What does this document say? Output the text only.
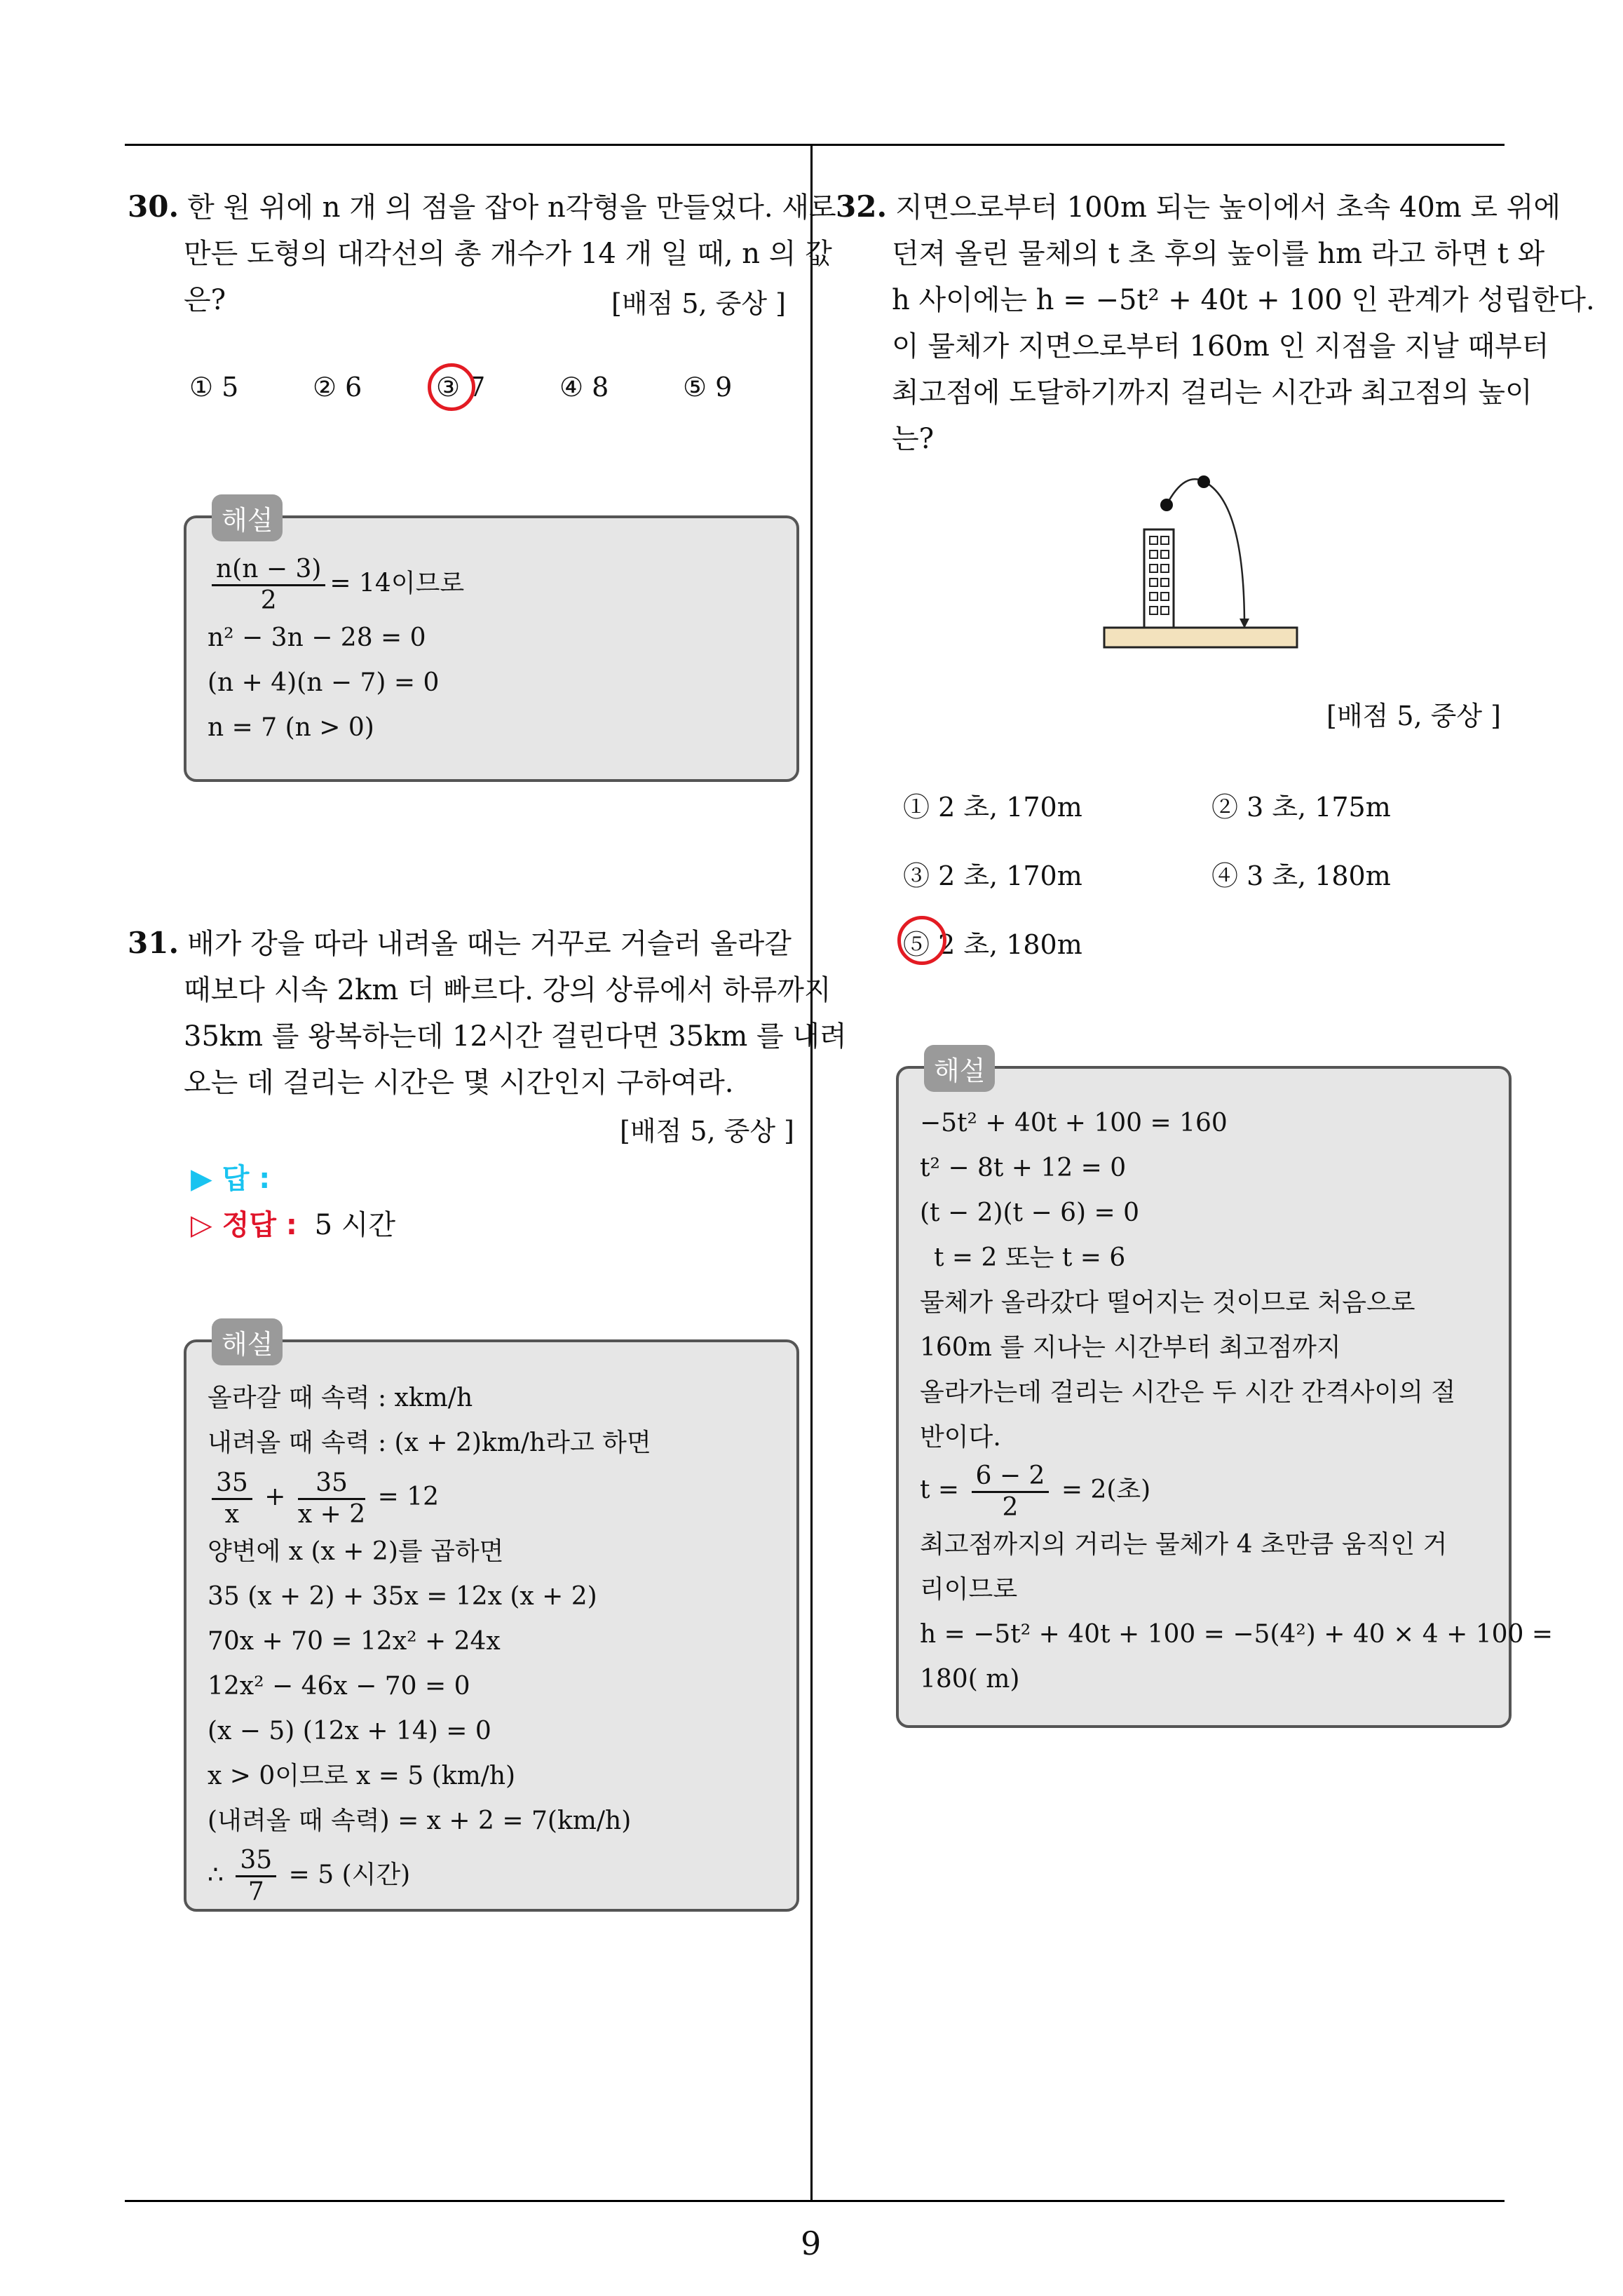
30. 한 원 위에 n 개 의 점을 잡아 n각형을 만들었다. 새로
만든 도형의 대각선의 총 개수가 14 개 일 때, n 의 값
은?	[배점 5, 중상 ]
① 5	② 6	③ 7	④ 8	⑤ 9
해설
$\frac{n(n - 3)}{2} = 14$이므로
n² − 3n − 28 = 0
(n + 4)(n − 7) = 0
n = 7 (n > 0)
31. 배가 강을 따라 내려올 때는 거꾸로 거슬러 올라갈
때보다 시속 2km 더 빠르다. 강의 상류에서 하류까지
35km 를 왕복하는데 12시간 걸린다면 35km 를 내려
오는 데 걸리는 시간은 몇 시간인지 구하여라.
[배점 5, 중상 ]
▶ 답 :
▷ 정답 : 5 시간
해설
올라갈 때 속력 : xkm/h
내려올 때 속력 : (x + 2)km/h라고 하면
$\frac{35}{x} + \frac{35}{x + 2} = 12$
양변에 x (x + 2)를 곱하면
35 (x + 2) + 35x = 12x (x + 2)
70x + 70 = 12x² + 24x
12x² − 46x − 70 = 0
(x − 5) (12x + 14) = 0
x > 0이므로 x = 5 (km/h)
(내려올 때 속력) = x + 2 = 7(km/h)
∴ $\frac{35}{7} = 5$ (시간)
32. 지면으로부터 100m 되는 높이에서 초속 40m 로 위에
던져 올린 물체의 t 초 후의 높이를 hm 라고 하면 t 와
h 사이에는 h = −5t² + 40t + 100 인 관계가 성립한다.
이 물체가 지면으로부터 160m 인 지점을 지날 때부터
최고점에 도달하기까지 걸리는 시간과 최고점의 높이
는?
[배점 5, 중상 ]
① 2 초, 170m	② 3 초, 175m
③ 2 초, 170m	④ 3 초, 180m
⑤ 2 초, 180m
해설
−5t² + 40t + 100 = 160
t² − 8t + 12 = 0
(t − 2)(t − 6) = 0
t = 2 또는 t = 6
물체가 올라갔다 떨어지는 것이므로 처음으로
160m 를 지나는 시간부터 최고점까지
올라가는데 걸리는 시간은 두 시간 간격사이의 절
반이다.
$t = \frac{6 - 2}{2} = 2$(초)
최고점까지의 거리는 물체가 4 초만큼 움직인 거
리이므로
h = −5t² + 40t + 100 = −5(4²) + 40 × 4 + 100 =
180( m)
9
